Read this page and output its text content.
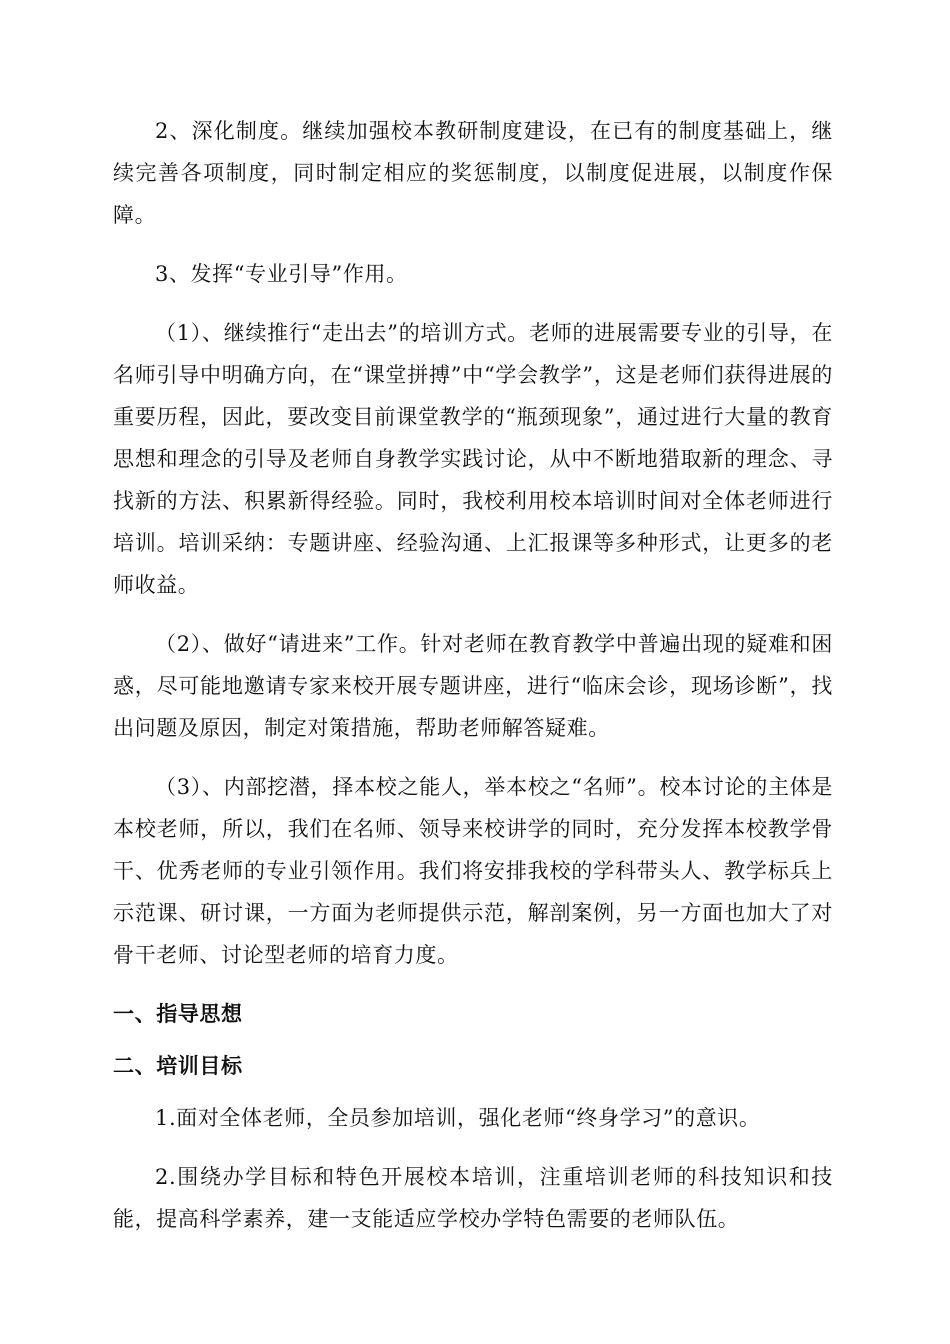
2、深化制度。继续加强校本教研制度建设，在已有的制度基础上，继续完善各项制度，同时制定相应的奖惩制度，以制度促进展，以制度作保障。

3、发挥“专业引导”作用。

（1）、继续推行“走出去”的培训方式。老师的进展需要专业的引导，在名师引导中明确方向，在“课堂拼搏”中“学会教学”，这是老师们获得进展的重要历程，因此，要改变目前课堂教学的“瓶颈现象”，通过进行大量的教育思想和理念的引导及老师自身教学实践讨论，从中不断地猎取新的理念、寻找新的方法、积累新得经验。同时，我校利用校本培训时间对全体老师进行培训。培训采纳：专题讲座、经验沟通、上汇报课等多种形式，让更多的老师收益。

（2）、做好“请进来”工作。针对老师在教育教学中普遍出现的疑难和困惑，尽可能地邀请专家来校开展专题讲座，进行“临床会诊，现场诊断”，找出问题及原因，制定对策措施，帮助老师解答疑难。

（3）、内部挖潜，择本校之能人，举本校之“名师”。校本讨论的主体是本校老师，所以，我们在名师、领导来校讲学的同时，充分发挥本校教学骨干、优秀老师的专业引领作用。我们将安排我校的学科带头人、教学标兵上示范课、研讨课，一方面为老师提供示范，解剖案例，另一方面也加大了对骨干老师、讨论型老师的培育力度。

一、指导思想
二、培训目标

1.面对全体老师，全员参加培训，强化老师“终身学习”的意识。

2.围绕办学目标和特色开展校本培训，注重培训老师的科技知识和技能，提高科学素养，建一支能适应学校办学特色需要的老师队伍。
